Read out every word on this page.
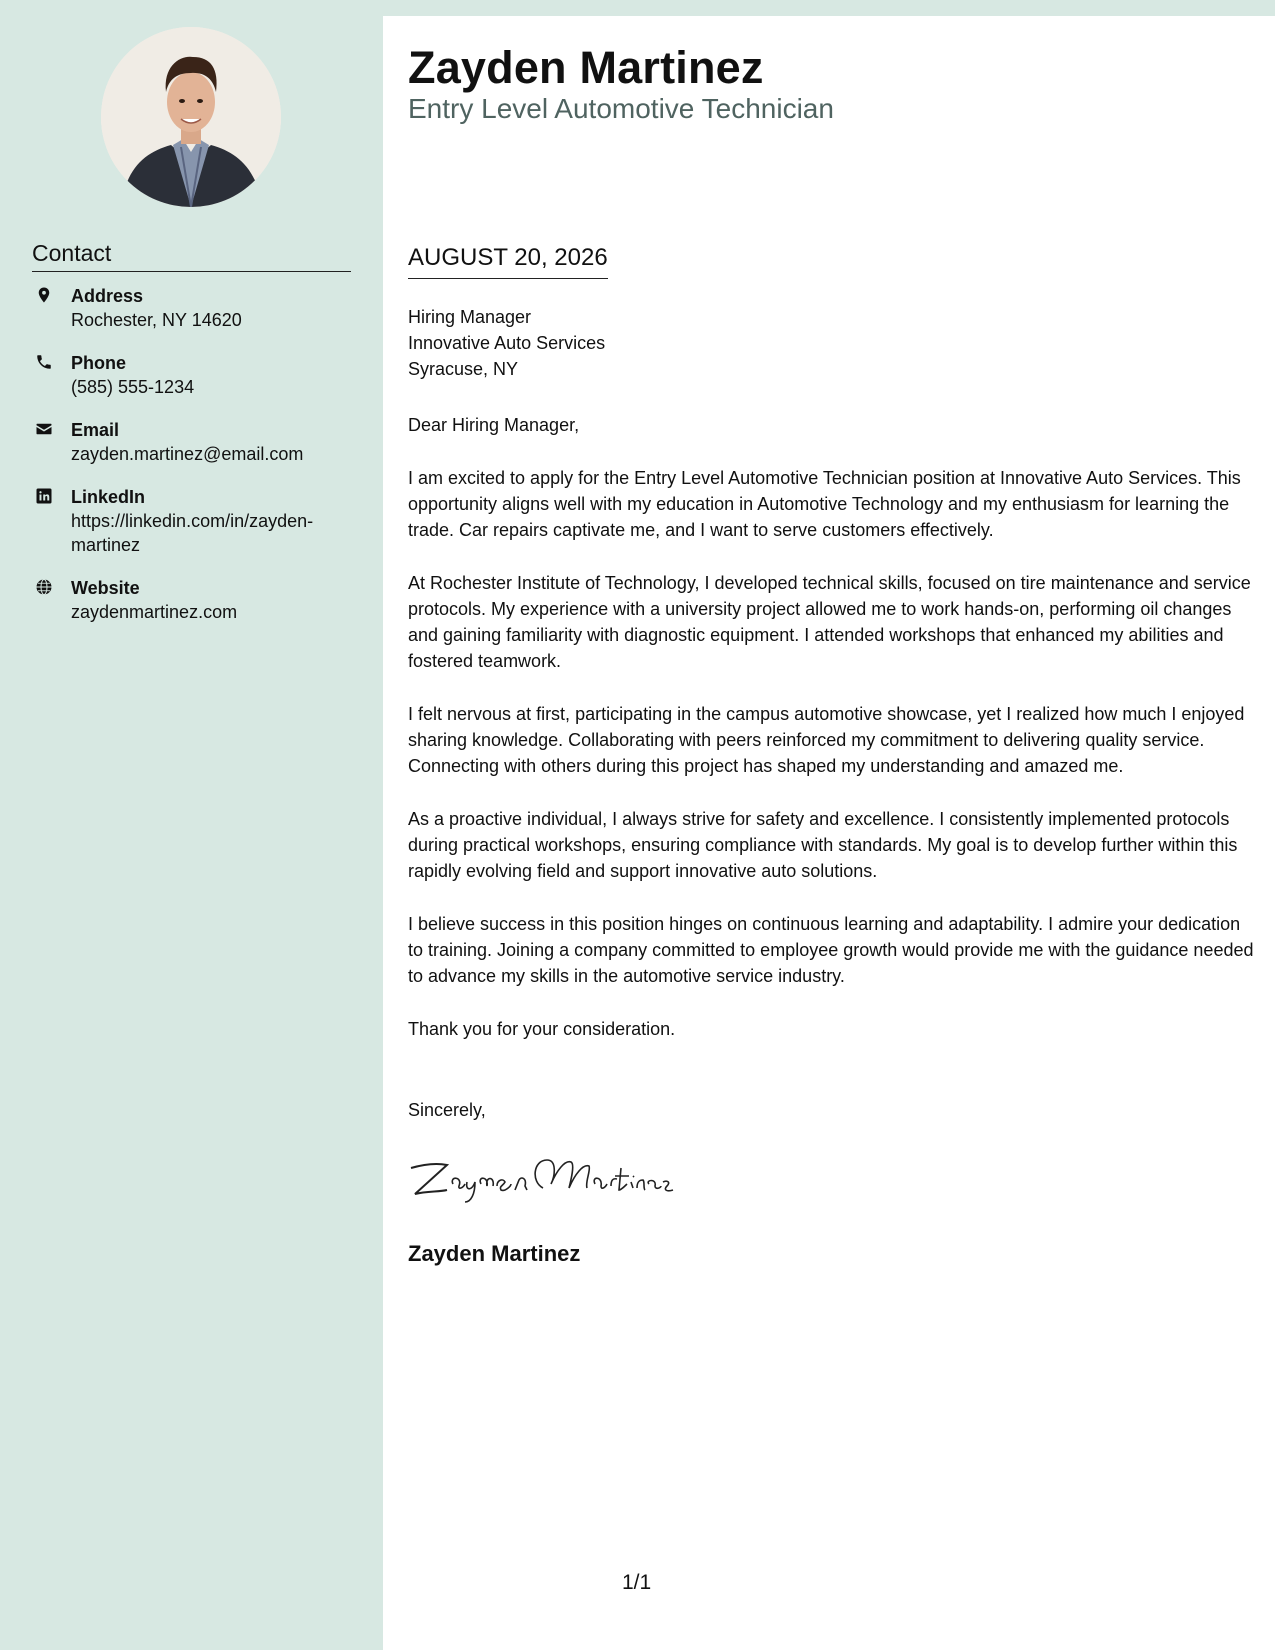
Contact
Address
Rochester, NY 14620
Phone
(585) 555-1234
Email
zayden.martinez@email.com
LinkedIn
https://linkedin.com/in/zayden-martinez
Website
zaydenmartinez.com
Zayden Martinez
Entry Level Automotive Technician
AUGUST 20, 2026
Hiring Manager
Innovative Auto Services
Syracuse, NY

Dear Hiring Manager,

I am excited to apply for the Entry Level Automotive Technician position at Innovative Auto Services. This opportunity aligns well with my education in Automotive Technology and my enthusiasm for learning the trade. Car repairs captivate me, and I want to serve customers effectively.

At Rochester Institute of Technology, I developed technical skills, focused on tire maintenance and service protocols. My experience with a university project allowed me to work hands-on, performing oil changes and gaining familiarity with diagnostic equipment. I attended workshops that enhanced my abilities and fostered teamwork.

I felt nervous at first, participating in the campus automotive showcase, yet I realized how much I enjoyed sharing knowledge. Collaborating with peers reinforced my commitment to delivering quality service. Connecting with others during this project has shaped my understanding and amazed me.

As a proactive individual, I always strive for safety and excellence. I consistently implemented protocols during practical workshops, ensuring compliance with standards. My goal is to develop further within this rapidly evolving field and support innovative auto solutions.

I believe success in this position hinges on continuous learning and adaptability. I admire your dedication to training. Joining a company committed to employee growth would provide me with the guidance needed to advance my skills in the automotive service industry.

Thank you for your consideration.

Sincerely,
Zayden Martinez
1/1
